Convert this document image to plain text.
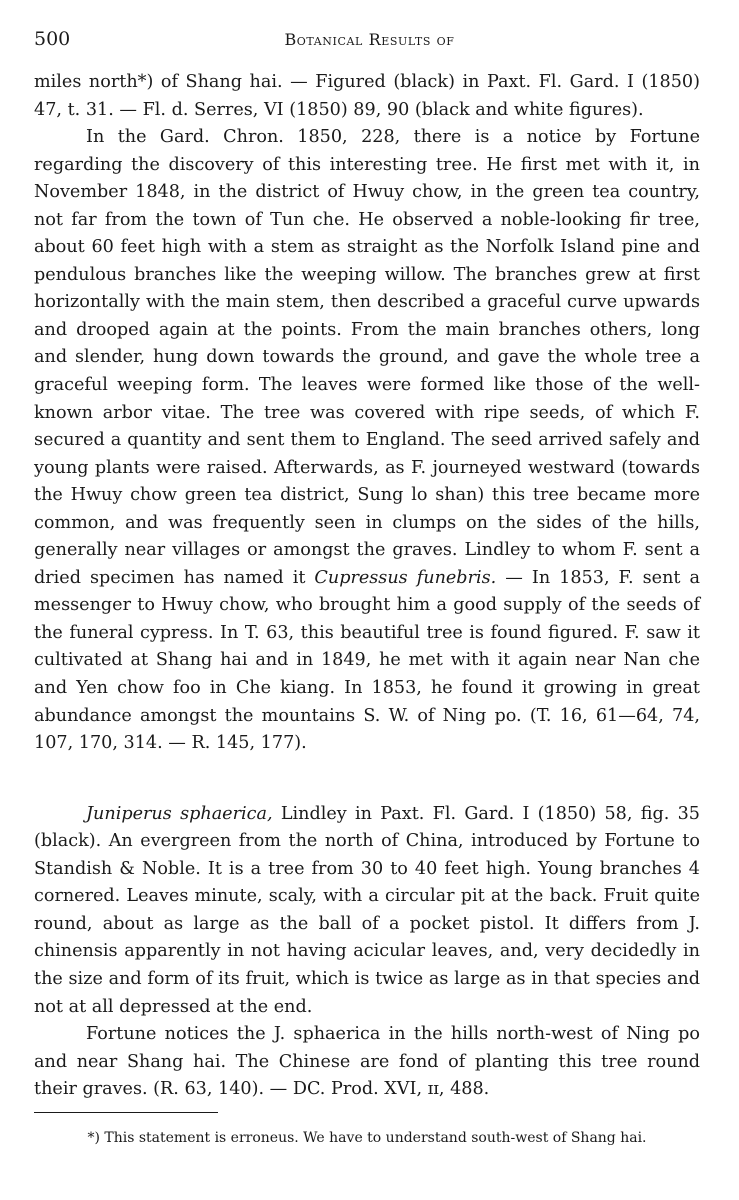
500	Botanical Results of

miles north*) of Shang hai. — Figured (black) in Paxt. Fl. Gard. I (1850) 47, t. 31. — Fl. d. Serres, VI (1850) 89, 90 (black and white figures).

In the Gard. Chron. 1850, 228, there is a notice by Fortune regarding the discovery of this interesting tree. He first met with it, in November 1848, in the district of Hwuy chow, in the green tea country, not far from the town of Tun che. He observed a noble-looking fir tree, about 60 feet high with a stem as straight as the Norfolk Island pine and pendulous branches like the weeping willow. The branches grew at first horizontally with the main stem, then described a graceful curve upwards and drooped again at the points. From the main branches others, long and slender, hung down towards the ground, and gave the whole tree a graceful weeping form. The leaves were formed like those of the well-known arbor vitae. The tree was covered with ripe seeds, of which F. secured a quantity and sent them to England. The seed arrived safely and young plants were raised. Afterwards, as F. journeyed westward (towards the Hwuy chow green tea district, Sung lo shan) this tree became more common, and was frequently seen in clumps on the sides of the hills, generally near villages or amongst the graves. Lindley to whom F. sent a dried specimen has named it Cupressus funebris. — In 1853, F. sent a messenger to Hwuy chow, who brought him a good supply of the seeds of the funeral cypress. In T. 63, this beautiful tree is found figured. F. saw it cultivated at Shang hai and in 1849, he met with it again near Nan che and Yen chow foo in Che kiang. In 1853, he found it growing in great abundance amongst the mountains S. W. of Ning po. (T. 16, 61—64, 74, 107, 170, 314. — R. 145, 177).

Juniperus sphaerica, Lindley in Paxt. Fl. Gard. I (1850) 58, fig. 35 (black). An evergreen from the north of China, introduced by Fortune to Standish & Noble. It is a tree from 30 to 40 feet high. Young branches 4 cornered. Leaves minute, scaly, with a circular pit at the back. Fruit quite round, about as large as the ball of a pocket pistol. It differs from J. chinensis apparently in not having acicular leaves, and, very decidedly in the size and form of its fruit, which is twice as large as in that species and not at all depressed at the end.

Fortune notices the J. sphaerica in the hills north-west of Ning po and near Shang hai. The Chinese are fond of planting this tree round their graves. (R. 63, 140). — DC. Prod. XVI, ɪɪ, 488.

*) This statement is erroneus. We have to understand south-west of Shang hai.
